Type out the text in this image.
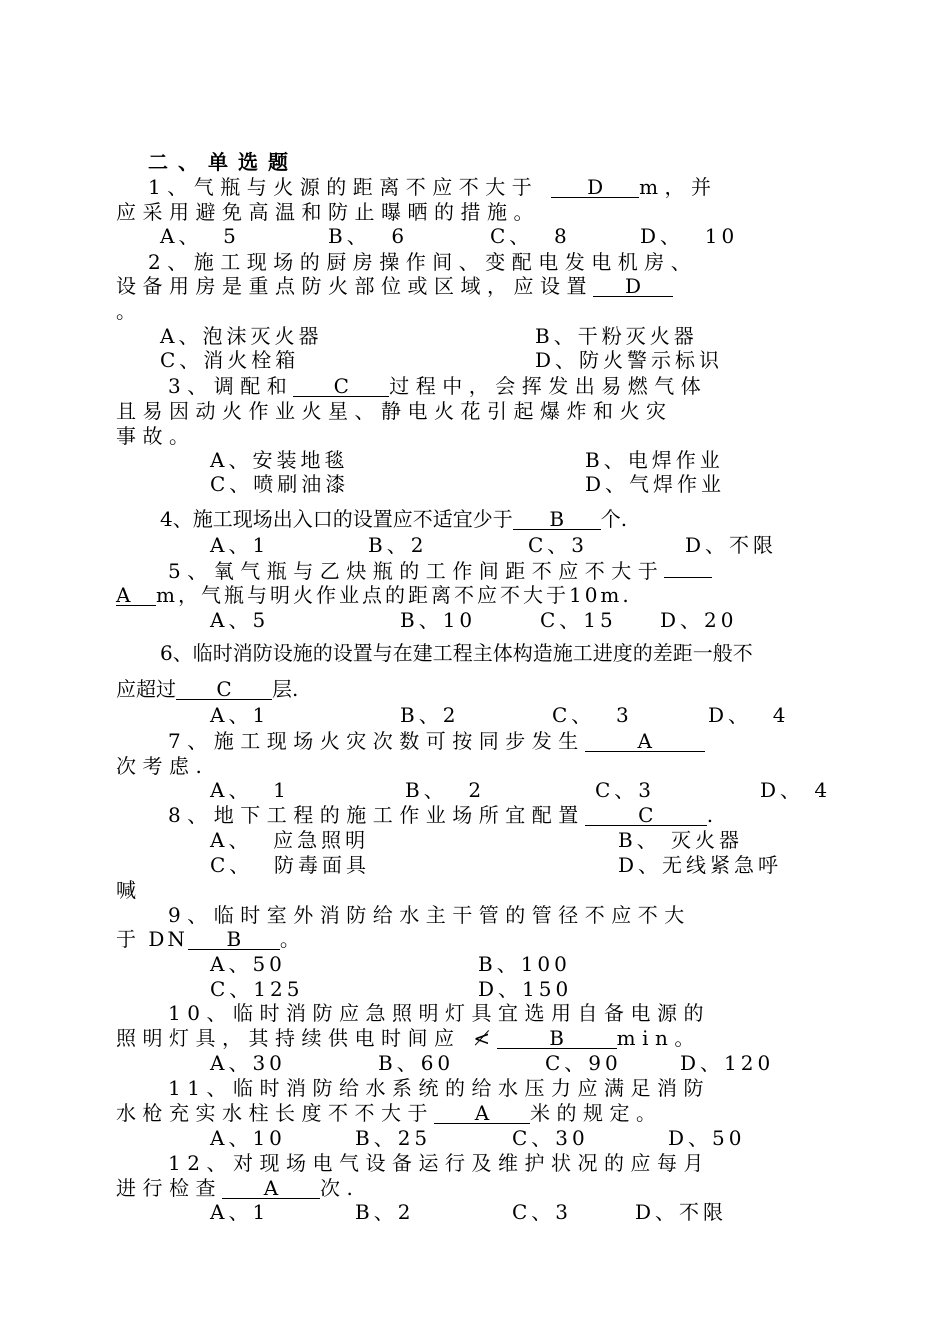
二、单选题
1、气瓶与火源的距离不应不大于 D m，并
应采用避免高温和防止曝晒的措施。
A、  5	B、  6	C、  8	D、  10
2、施工现场的厨房操作间、变配电发电机房、
设备用房是重点防火部位或区域，应设置 D
。
A、泡沫灭火器	B、干粉灭火器
C、消火栓箱	D、防火警示标识
3、调配和 C 过程中，会挥发出易燃气体
且易因动火作业火星、静电火花引起爆炸和火灾
事故。
A、安装地毯	B、电焊作业
C、喷刷油漆	D、气焊作业
4、施工现场出入口的设置应不适宜少于 B 个.
A、1	B、2	C、3	D、不限
5、氧气瓶与乙炔瓶的工作间距不应不大于
A m，气瓶与明火作业点的距离不应不大于10m.
A、5	B、10	C、15 D、20
6、临时消防设施的设置与在建工程主体构造施工进度的差距一般不
应超过 C 层.
A、1	B、2	C、  3	D、  4
7、施工现场火灾次数可按同步发生	A
次考虑.
A、  1	B、  2	C、3	D、 4
8、地下工程的施工作业场所宜配置	C	.
A、  应急照明	B、 灭火器
C、  防毒面具	D、无线紧急呼
喊
9、临时室外消防给水主干管的管径不应不大
于 DN B 。
A、50	B、100
C、125	D、150
10、临时消防应急照明灯具宜选用自备电源的
照明灯具，其持续供电时间应 ≮	B	min。
A、30	B、60	C、90	D、120
11、临时消防给水系统的给水压力应满足消防
水枪充实水柱长度不不大于 A 米的规定。
A、10	B、25	C、30	D、50
12、对现场电气设备运行及维护状况的应每月
进行检查 A 次.
A、1	B、2	C、3	D、不限
